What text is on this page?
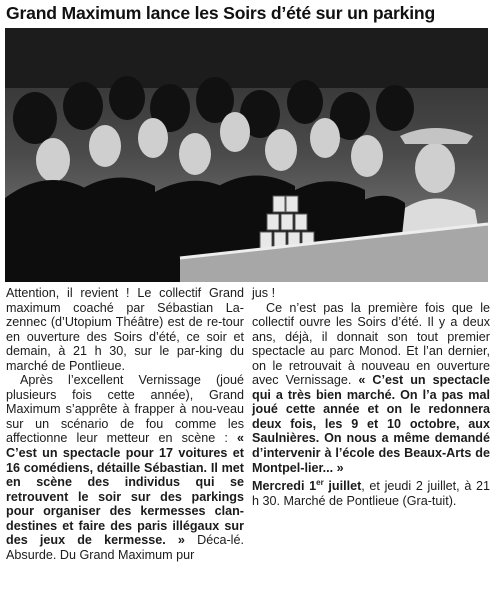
Grand Maximum lance les Soirs d’été sur un parking

Attention, il revient ! Le collectif Grand maximum coaché par Sébastian La-zennec (d’Utopium Théâtre) est de re-tour en ouverture des Soirs d’été, ce soir et demain, à 21 h 30, sur le par-king du marché de Pontlieue.

Après l’excellent Vernissage (joué plusieurs fois cette année), Grand Maximum s’apprête à frapper à nou-veau sur un scénario de fou comme les affectionne leur metteur en scène : « C’est un spectacle pour 17 voitures et 16 comédiens, détaille Sébastian. Il met en scène des individus qui se retrouvent le soir sur des parkings pour organiser des kermesses clan-destines et faire des paris illégaux sur des jeux de kermesse. » Déca-lé. Absurde. Du Grand Maximum pur

jus !

Ce n’est pas la première fois que le collectif ouvre les Soirs d’été. Il y a deux ans, déjà, il donnait son tout premier spectacle au parc Monod. Et l’an dernier, on le retrouvait à nouveau en ouverture avec Vernissage. « C’est un spectacle qui a très bien marché. On l’a pas mal joué cette année et on le redonnera deux fois, les 9 et 10 octobre, aux Saulnières. On nous a même demandé d’intervenir à l’école des Beaux-Arts de Montpel-lier... »

Mercredi 1er juillet, et jeudi 2 juillet, à 21 h 30. Marché de Pontlieue (Gra-tuit).
